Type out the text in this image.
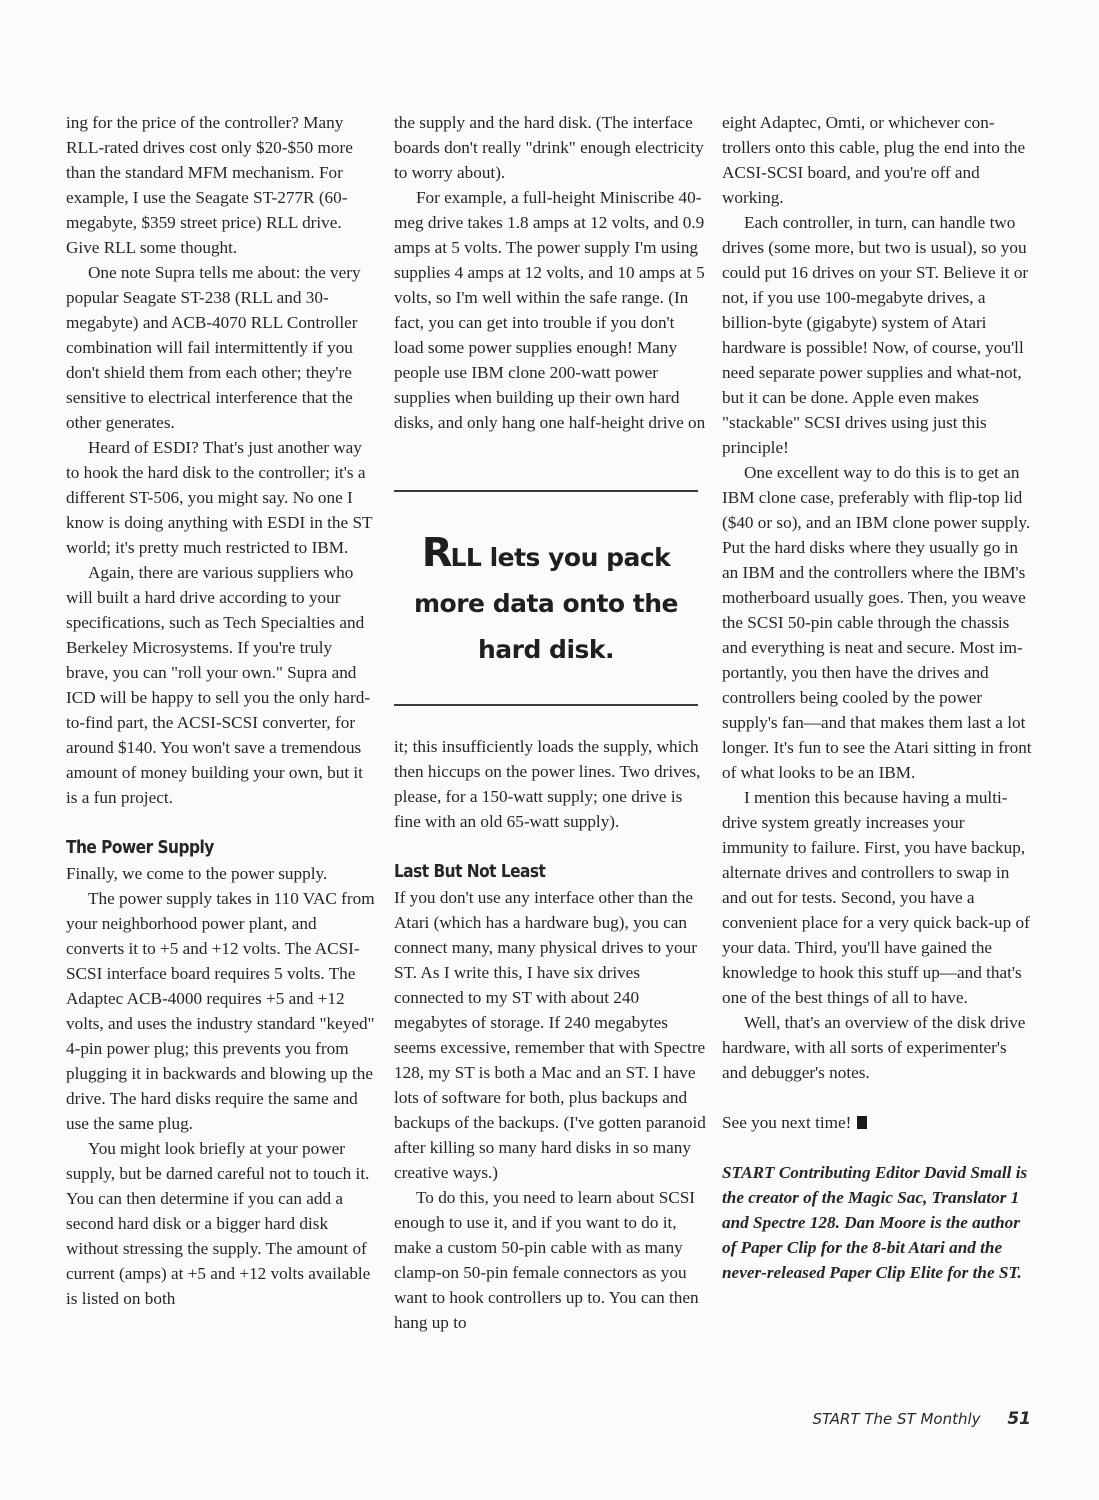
ing for the price of the controller? Many RLL-rated drives cost only $20-$50 more than the standard MFM mechanism. For example, I use the Seagate ST-277R (60-megabyte, $359 street price) RLL drive. Give RLL some thought.

One note Supra tells me about: the very popular Seagate ST-238 (RLL and 30-megabyte) and ACB-4070 RLL Controller combination will fail intermittently if you don't shield them from each other; they're sensitive to electrical interference that the other generates.

Heard of ESDI? That's just another way to hook the hard disk to the controller; it's a different ST-506, you might say. No one I know is doing anything with ESDI in the ST world; it's pretty much restricted to IBM.

Again, there are various suppliers who will built a hard drive according to your specifications, such as Tech Specialties and Berkeley Microsystems. If you're truly brave, you can "roll your own." Supra and ICD will be happy to sell you the only hard-to-find part, the ACSI-SCSI converter, for around $140. You won't save a tremendous amount of money building your own, but it is a fun project.

The Power Supply

Finally, we come to the power supply.

The power supply takes in 110 VAC from your neighborhood power plant, and converts it to +5 and +12 volts. The ACSI-SCSI interface board requires 5 volts. The Adaptec ACB-4000 requires +5 and +12 volts, and uses the industry standard "keyed" 4-pin power plug; this prevents you from plugging it in backwards and blowing up the drive. The hard disks require the same and use the same plug.

You might look briefly at your power supply, but be darned careful not to touch it. You can then determine if you can add a second hard disk or a bigger hard disk without stressing the supply. The amount of current (amps) at +5 and +12 volts available is listed on both

the supply and the hard disk. (The interface boards don't really "drink" enough electricity to worry about).

For example, a full-height Miniscribe 40-meg drive takes 1.8 amps at 12 volts, and 0.9 amps at 5 volts. The power supply I'm using supplies 4 amps at 12 volts, and 10 amps at 5 volts, so I'm well within the safe range. (In fact, you can get into trouble if you don't load some power supplies enough! Many people use IBM clone 200-watt power supplies when building up their own hard disks, and only hang one half-height drive on

RLL lets you pack
more data onto the
hard disk.

it; this insufficiently loads the supply, which then hiccups on the power lines. Two drives, please, for a 150-watt supply; one drive is fine with an old 65-watt supply).

Last But Not Least

If you don't use any interface other than the Atari (which has a hardware bug), you can connect many, many physical drives to your ST. As I write this, I have six drives connected to my ST with about 240 megabytes of storage. If 240 megabytes seems excessive, remember that with Spectre 128, my ST is both a Mac and an ST. I have lots of software for both, plus backups and backups of the backups. (I've gotten paranoid after killing so many hard disks in so many creative ways.)

To do this, you need to learn about SCSI enough to use it, and if you want to do it, make a custom 50-pin cable with as many clamp-on 50-pin female connectors as you want to hook controllers up to. You can then hang up to

eight Adaptec, Omti, or whichever controllers onto this cable, plug the end into the ACSI-SCSI board, and you're off and working.

Each controller, in turn, can handle two drives (some more, but two is usual), so you could put 16 drives on your ST. Believe it or not, if you use 100-megabyte drives, a billion-byte (gigabyte) system of Atari hardware is possible! Now, of course, you'll need separate power supplies and what-not, but it can be done. Apple even makes "stackable" SCSI drives using just this principle!

One excellent way to do this is to get an IBM clone case, preferably with flip-top lid ($40 or so), and an IBM clone power supply. Put the hard disks where they usually go in an IBM and the controllers where the IBM's motherboard usually goes. Then, you weave the SCSI 50-pin cable through the chassis and everything is neat and secure. Most importantly, you then have the drives and controllers being cooled by the power supply's fan—and that makes them last a lot longer. It's fun to see the Atari sitting in front of what looks to be an IBM.

I mention this because having a multi-drive system greatly increases your immunity to failure. First, you have backup, alternate drives and controllers to swap in and out for tests. Second, you have a convenient place for a very quick back-up of your data. Third, you'll have gained the knowledge to hook this stuff up—and that's one of the best things of all to have.

Well, that's an overview of the disk drive hardware, with all sorts of experimenter's and debugger's notes.

See you next time!

START Contributing Editor David Small is the creator of the Magic Sac, Translator 1 and Spectre 128. Dan Moore is the author of Paper Clip for the 8-bit Atari and the never-released Paper Clip Elite for the ST.

START The ST Monthly 51
